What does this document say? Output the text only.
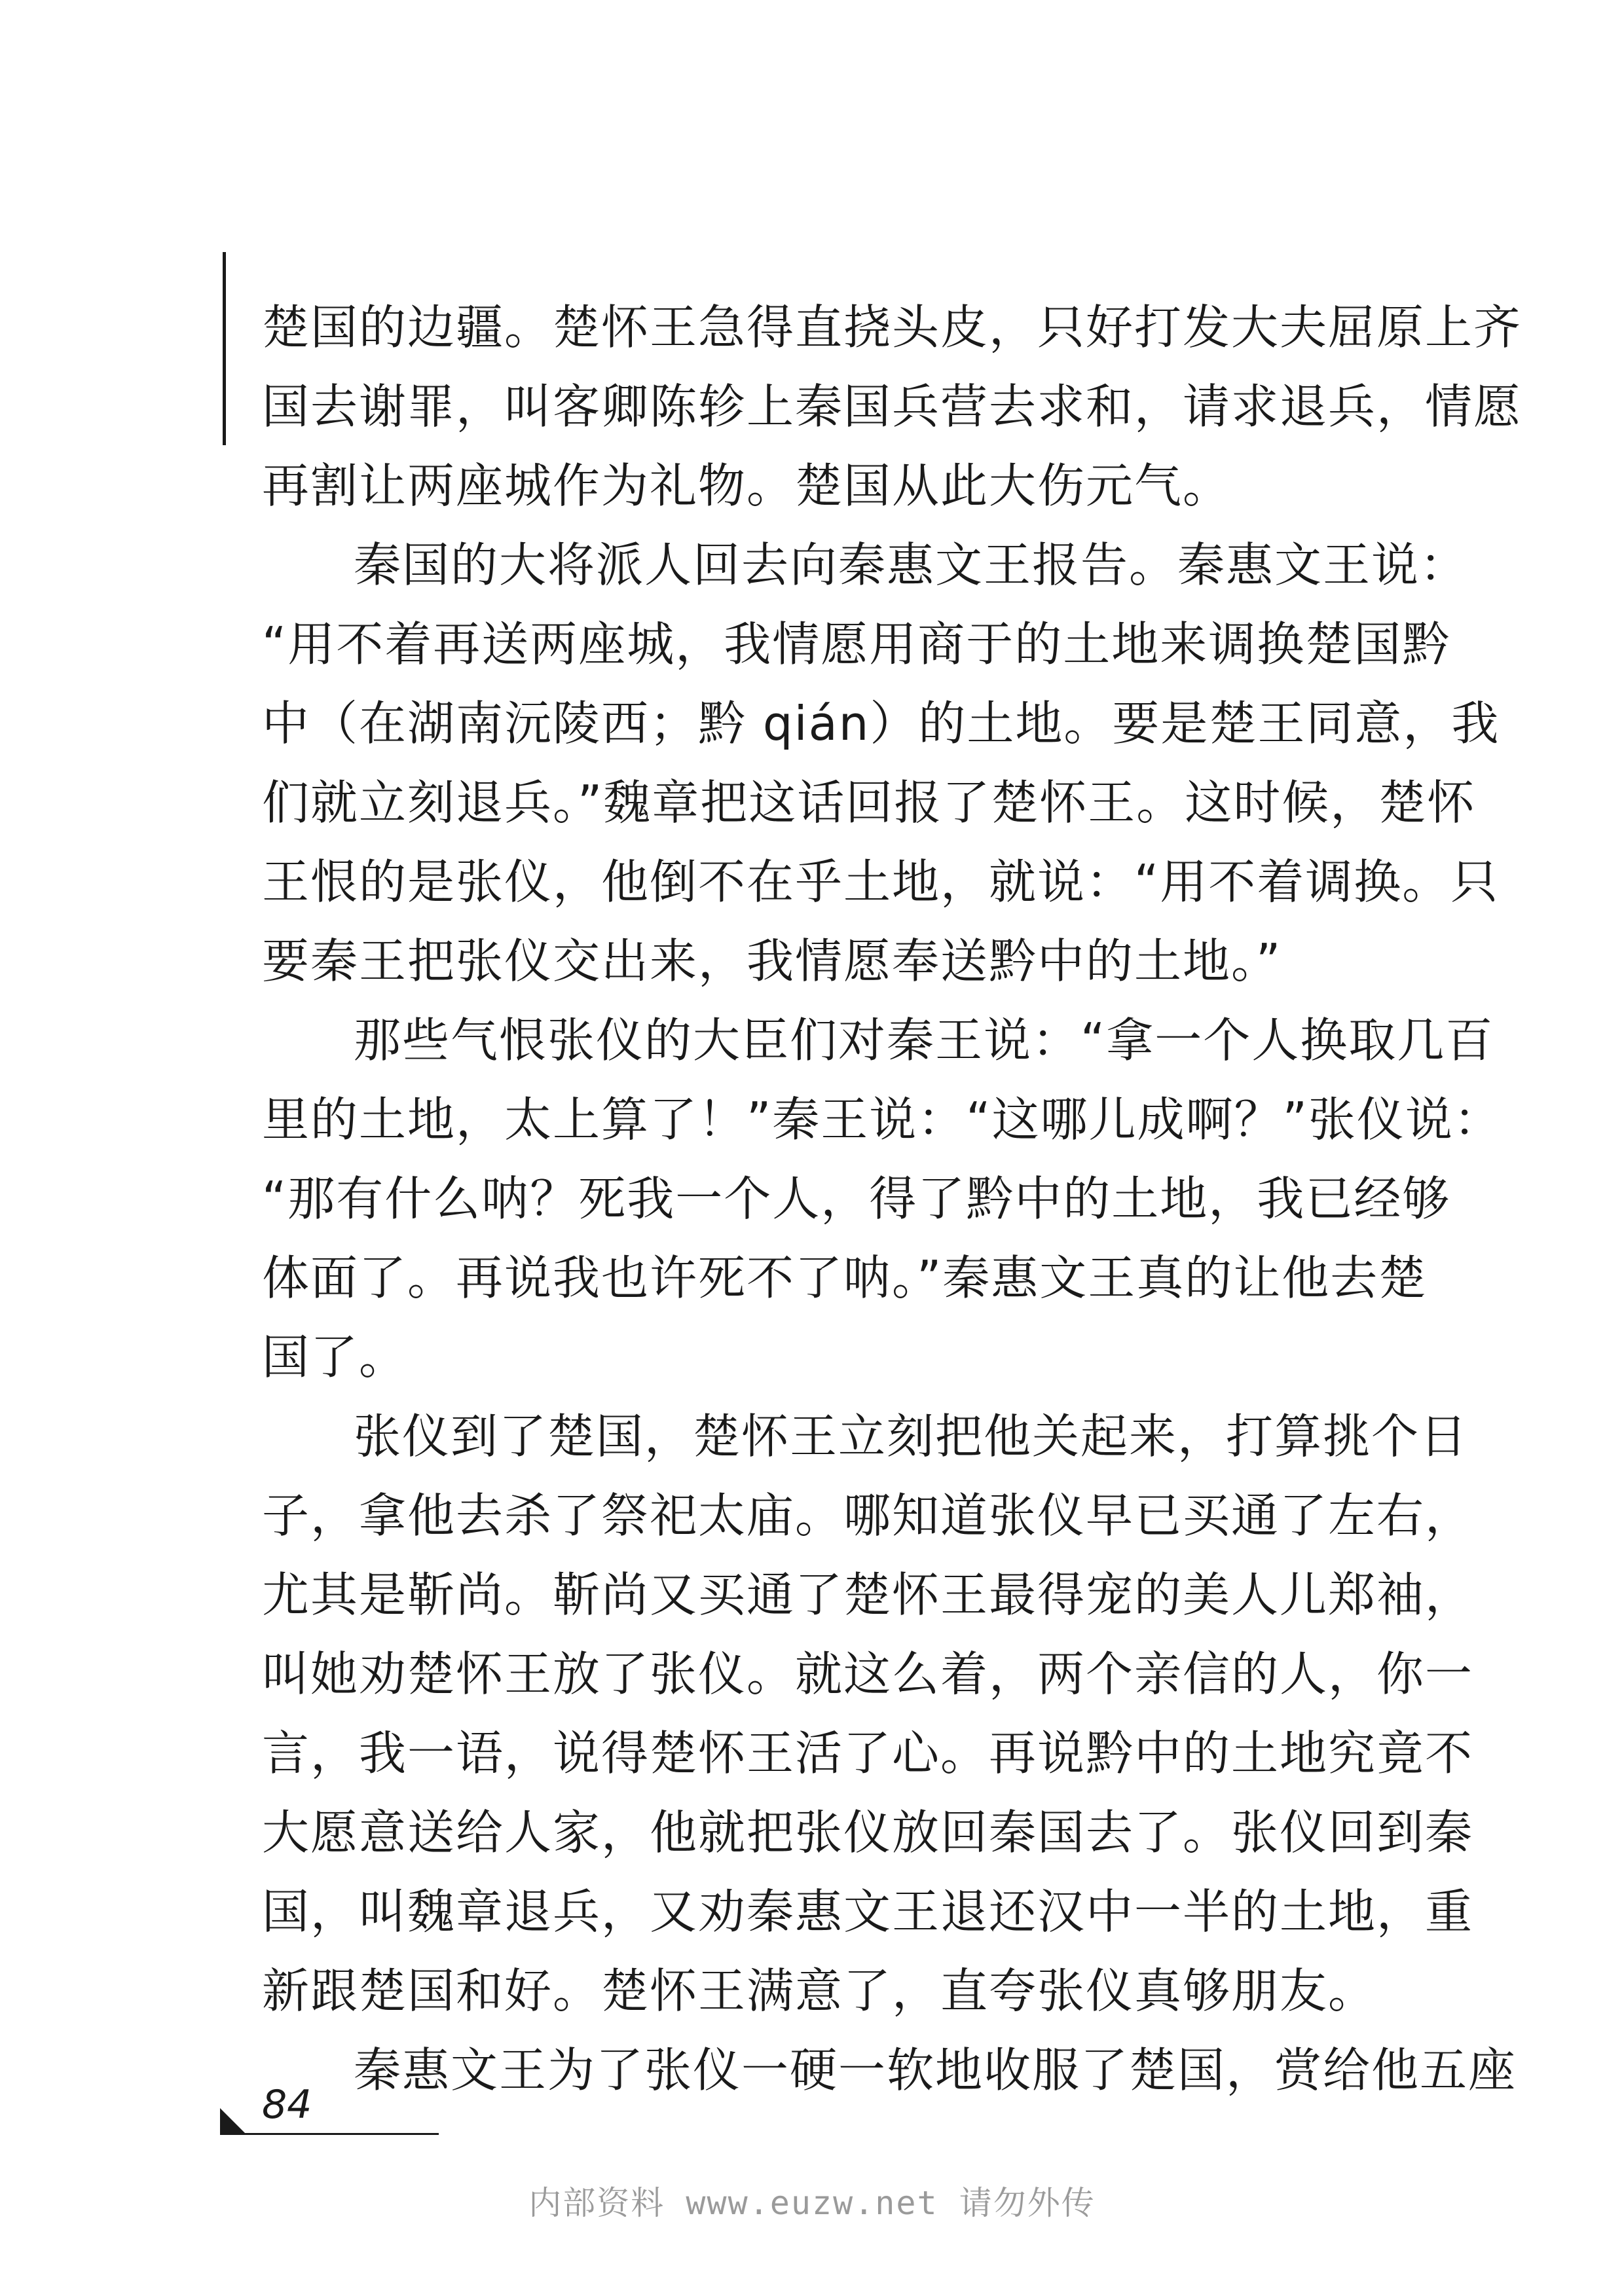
楚国的边疆。楚怀王急得直挠头皮，只好打发大夫屈原上齐
国去谢罪，叫客卿陈轸上秦国兵营去求和，请求退兵，情愿
再割让两座城作为礼物。楚国从此大伤元气。
秦国的大将派人回去向秦惠文王报告。秦惠文王说：
“用不着再送两座城，我情愿用商于的土地来调换楚国黔
中（在湖南沅陵西；黔 qián）的土地。要是楚王同意，我
们就立刻退兵。”魏章把这话回报了楚怀王。这时候，楚怀
王恨的是张仪，他倒不在乎土地，就说：“用不着调换。只
要秦王把张仪交出来，我情愿奉送黔中的土地。”
那些气恨张仪的大臣们对秦王说：“拿一个人换取几百
里的土地，太上算了！”秦王说：“这哪儿成啊？”张仪说：
“那有什么呐？死我一个人，得了黔中的土地，我已经够
体面了。再说我也许死不了呐。”秦惠文王真的让他去楚
国了。
张仪到了楚国，楚怀王立刻把他关起来，打算挑个日
子，拿他去杀了祭祀太庙。哪知道张仪早已买通了左右，
尤其是靳尚。靳尚又买通了楚怀王最得宠的美人儿郑袖，
叫她劝楚怀王放了张仪。就这么着，两个亲信的人，你一
言，我一语，说得楚怀王活了心。再说黔中的土地究竟不
大愿意送给人家，他就把张仪放回秦国去了。张仪回到秦
国，叫魏章退兵，又劝秦惠文王退还汉中一半的土地，重
新跟楚国和好。楚怀王满意了，直夸张仪真够朋友。
秦惠文王为了张仪一硬一软地收服了楚国，赏给他五座
84
内部资料 www.euzw.net 请勿外传
